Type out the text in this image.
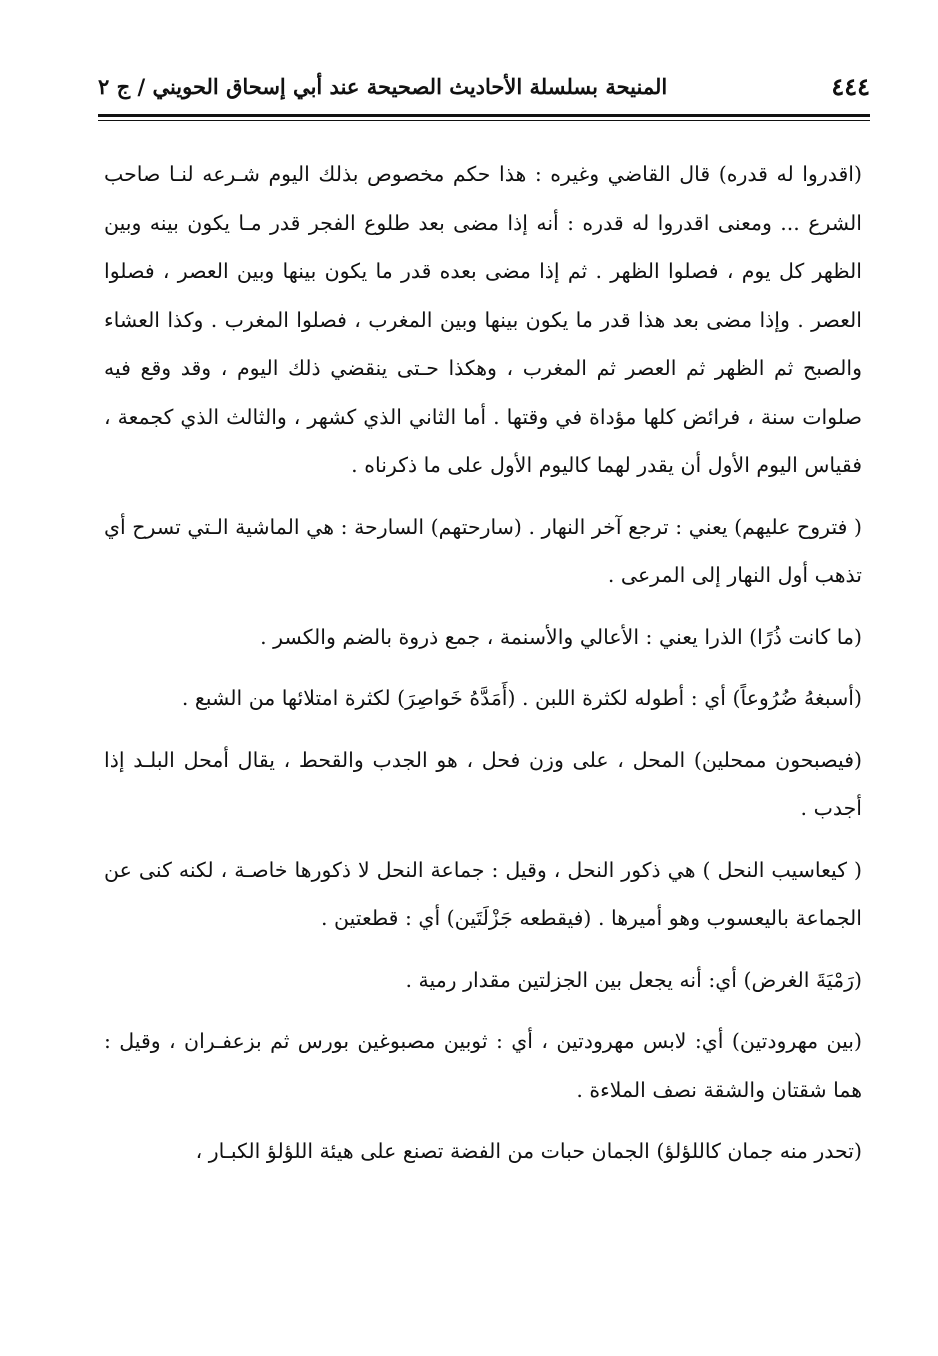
٤٤٤
المنيحة بسلسلة الأحاديث الصحيحة عند أبي إسحاق الحويني / ج ٢

(اقدروا له قدره) قال القاضي وغيره : هذا حكم مخصوص بذلك اليوم شـرعه لنـا صاحب الشرع ... ومعنى اقدروا له قدره : أنه إذا مضى بعد طلوع الفجر قدر مـا يكون بينه وبين الظهر كل يوم ، فصلوا الظهر . ثم إذا مضى بعده قدر ما يكون بينها وبين العصر ، فصلوا العصر . وإذا مضى بعد هذا قدر ما يكون بينها وبين المغرب ، فصلوا المغرب . وكذا العشاء والصبح ثم الظهر ثم العصر ثم المغرب ، وهكذا حـتى ينقضي ذلك اليوم ، وقد وقع فيه صلوات سنة ، فرائض كلها مؤداة في وقتها . أما الثاني الذي كشهر ، والثالث الذي كجمعة ، فقياس اليوم الأول أن يقدر لهما كاليوم الأول على ما ذكرناه .

( فتروح عليهم) يعني : ترجع آخر النهار . (سارحتهم) السارحة : هي الماشية الـتي تسرح أي تذهب أول النهار إلى المرعى .

(ما كانت ذُرًا) الذرا يعني : الأعالي والأسنمة ، جمع ذروة بالضم والكسر .

(أسبغهُ ضُرُوعاً) أي : أطوله لكثرة اللبن . (أَمَدَّهُ خَواصِرَ) لكثرة امتلائها من الشبع .

(فيصبحون ممحلين) المحل ، على وزن فحل ، هو الجدب والقحط ، يقال أمحل البلـد إذا أجدب .

( كيعاسيب النحل ) هي ذكور النحل ، وقيل : جماعة النحل لا ذكورها خاصـة ، لكنه كنى عن الجماعة باليعسوب وهو أميرها . (فيقطعه جَزْلَتَين) أي : قطعتين .

(رَمْيَةَ الغرض) أي: أنه يجعل بين الجزلتين مقدار رمية .

(بين مهرودتين) أي: لابس مهرودتين ، أي : ثوبين مصبوغين بورس ثم بزعفـران ، وقيل : هما شقتان والشقة نصف الملاءة .

(تحدر منه جمان كاللؤلؤ) الجمان حبات من الفضة تصنع على هيئة اللؤلؤ الكبـار ،
